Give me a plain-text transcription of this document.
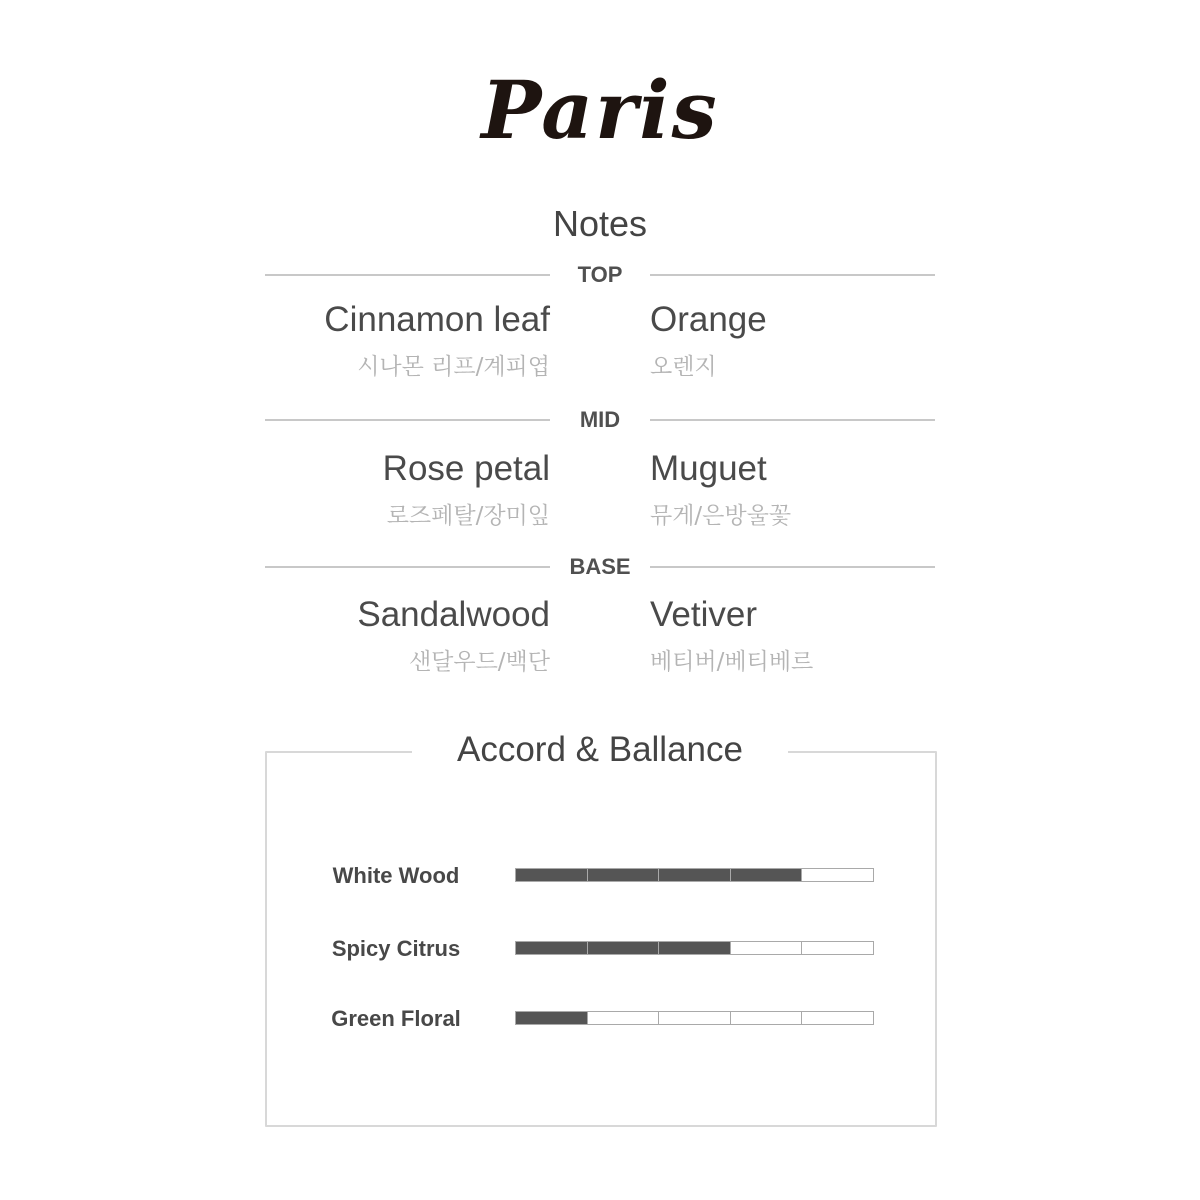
Paris
Notes
TOP
Cinnamon leaf	Orange
시나몬 리프/계피엽	오렌지
MID
Rose petal	Muguet
로즈페탈/장미잎	뮤게/은방울꽃
BASE
Sandalwood	Vetiver
샌달우드/백단	베티버/베티베르
Accord & Ballance
White Wood
Spicy Citrus
Green Floral
